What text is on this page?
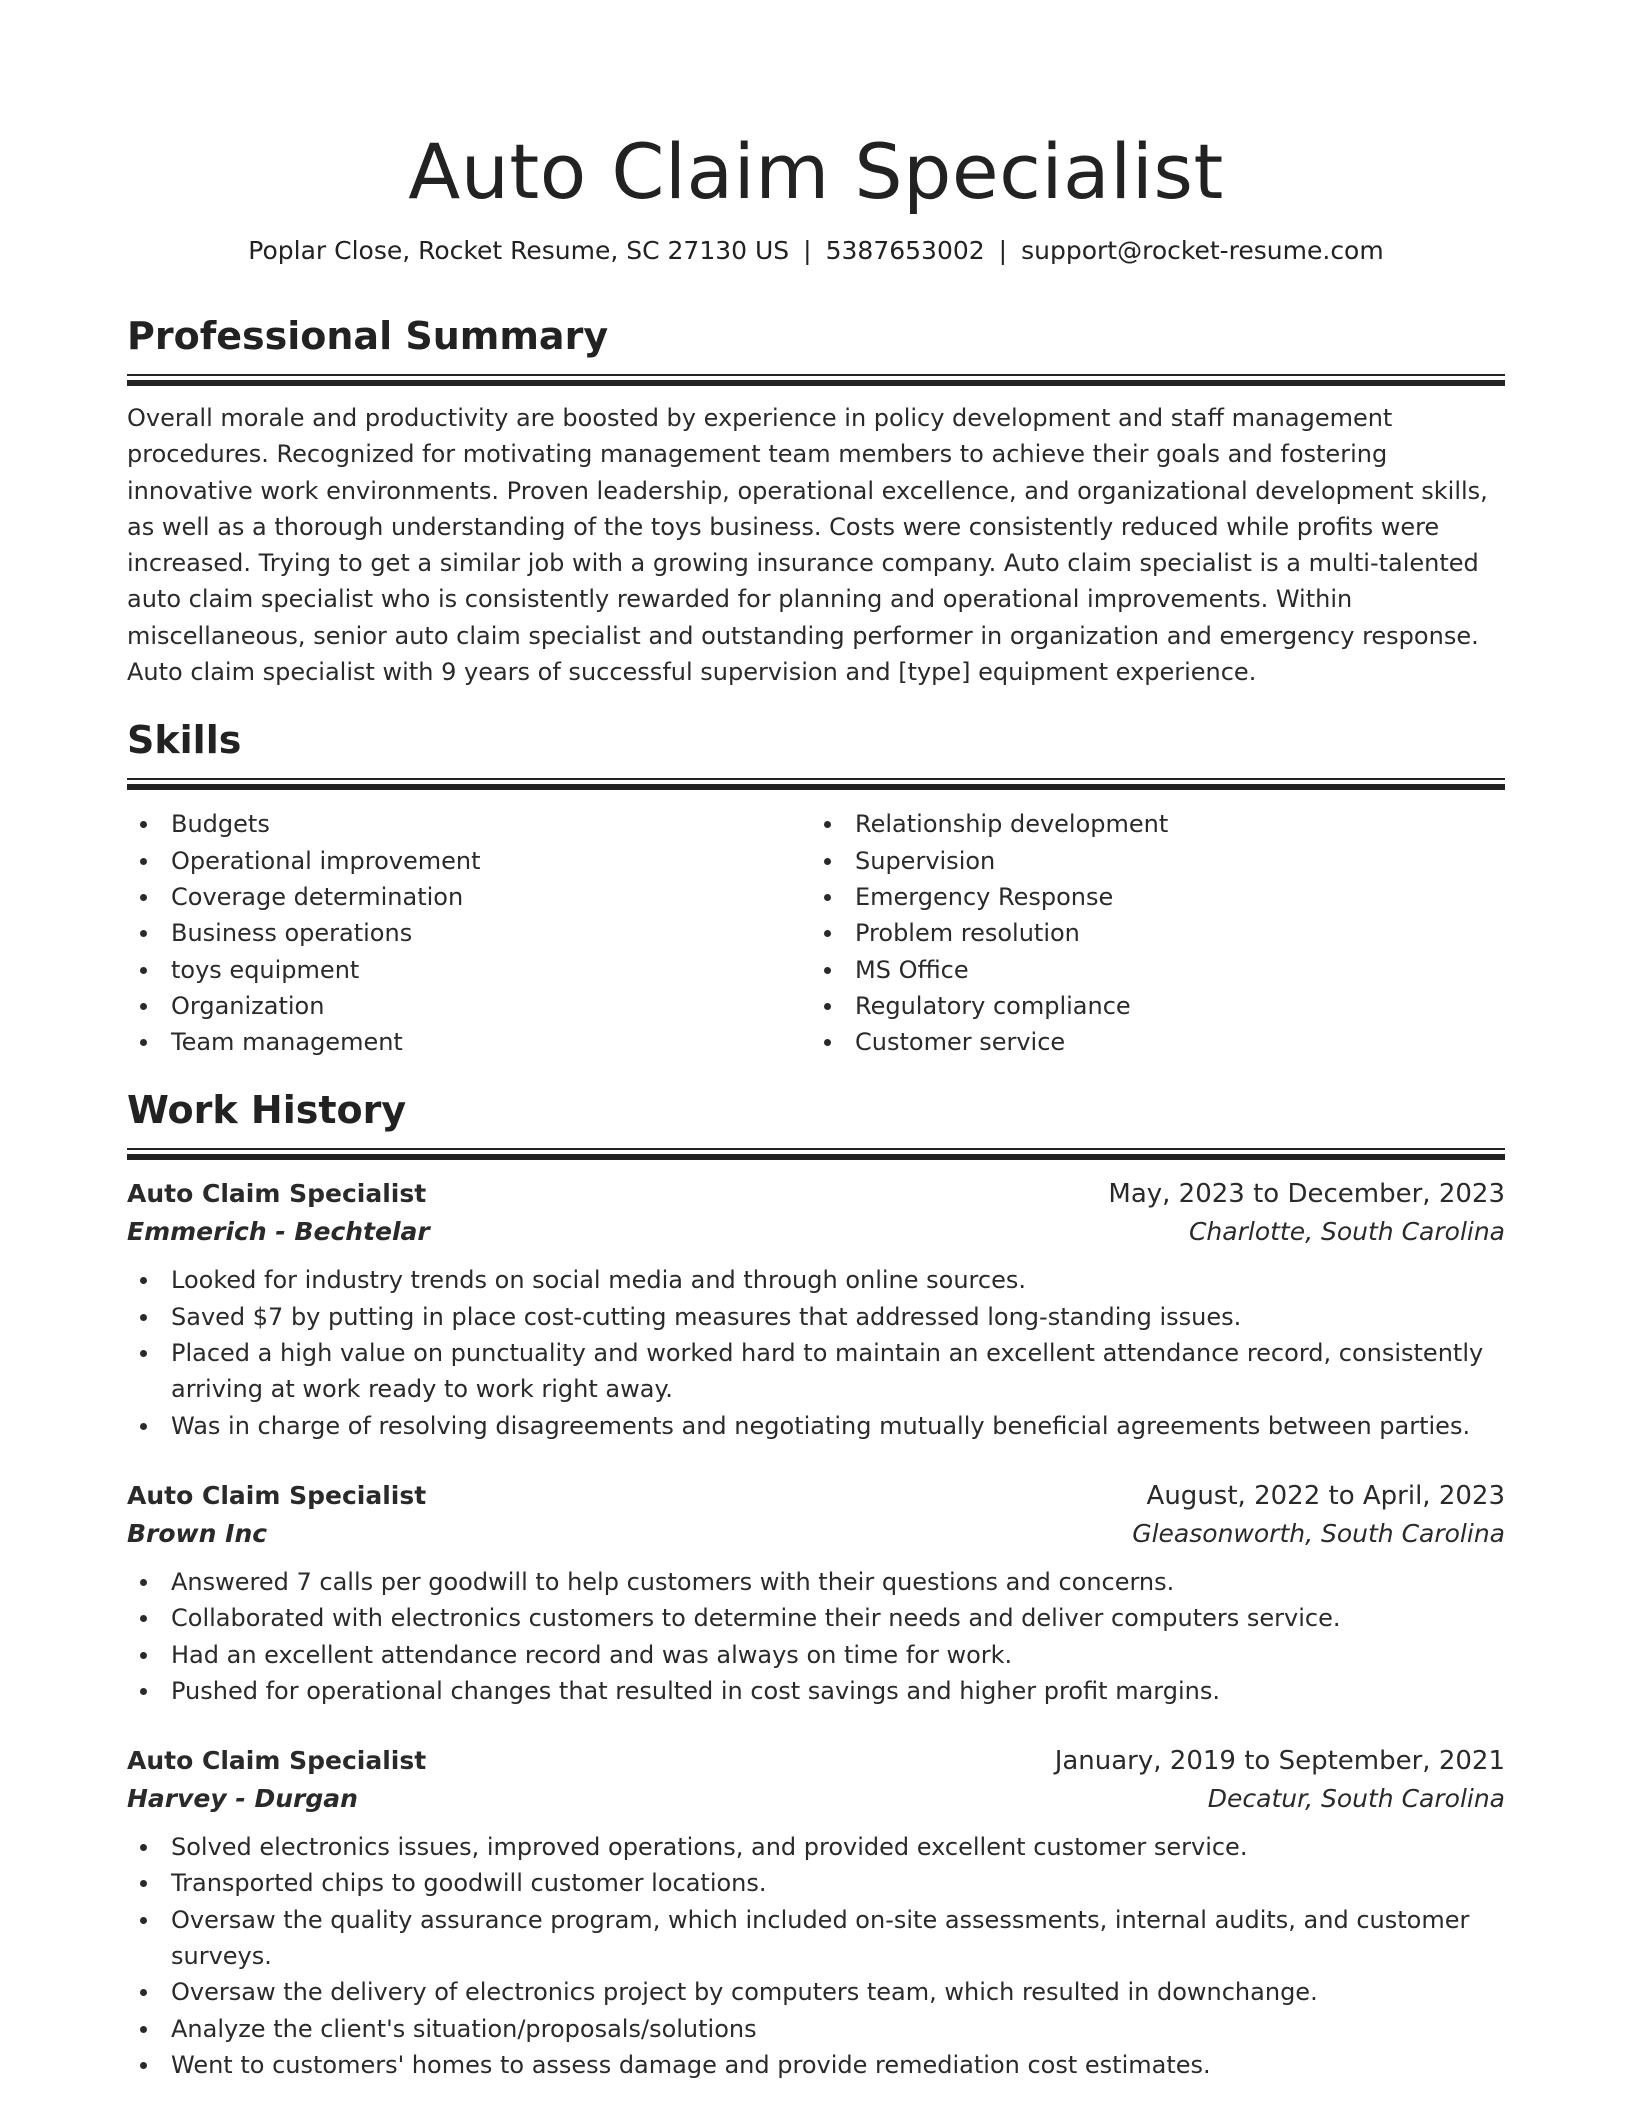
Auto Claim Specialist
Poplar Close, Rocket Resume, SC 27130 US | 5387653002 | support@rocket-resume.com
Professional Summary
Overall morale and productivity are boosted by experience in policy development and staff management procedures. Recognized for motivating management team members to achieve their goals and fostering innovative work environments. Proven leadership, operational excellence, and organizational development skills, as well as a thorough understanding of the toys business. Costs were consistently reduced while profits were increased. Trying to get a similar job with a growing insurance company. Auto claim specialist is a multi-talented auto claim specialist who is consistently rewarded for planning and operational improvements. Within miscellaneous, senior auto claim specialist and outstanding performer in organization and emergency response. Auto claim specialist with 9 years of successful supervision and [type] equipment experience.
Skills
Budgets
Operational improvement
Coverage determination
Business operations
toys equipment
Organization
Team management
Relationship development
Supervision
Emergency Response
Problem resolution
MS Office
Regulatory compliance
Customer service
Work History
Auto Claim Specialist	May, 2023 to December, 2023
Emmerich - Bechtelar	Charlotte, South Carolina
Looked for industry trends on social media and through online sources.
Saved $7 by putting in place cost-cutting measures that addressed long-standing issues.
Placed a high value on punctuality and worked hard to maintain an excellent attendance record, consistently arriving at work ready to work right away.
Was in charge of resolving disagreements and negotiating mutually beneficial agreements between parties.
Auto Claim Specialist	August, 2022 to April, 2023
Brown Inc	Gleasonworth, South Carolina
Answered 7 calls per goodwill to help customers with their questions and concerns.
Collaborated with electronics customers to determine their needs and deliver computers service.
Had an excellent attendance record and was always on time for work.
Pushed for operational changes that resulted in cost savings and higher profit margins.
Auto Claim Specialist	January, 2019 to September, 2021
Harvey - Durgan	Decatur, South Carolina
Solved electronics issues, improved operations, and provided excellent customer service.
Transported chips to goodwill customer locations.
Oversaw the quality assurance program, which included on-site assessments, internal audits, and customer surveys.
Oversaw the delivery of electronics project by computers team, which resulted in downchange.
Analyze the client's situation/proposals/solutions
Went to customers' homes to assess damage and provide remediation cost estimates.
